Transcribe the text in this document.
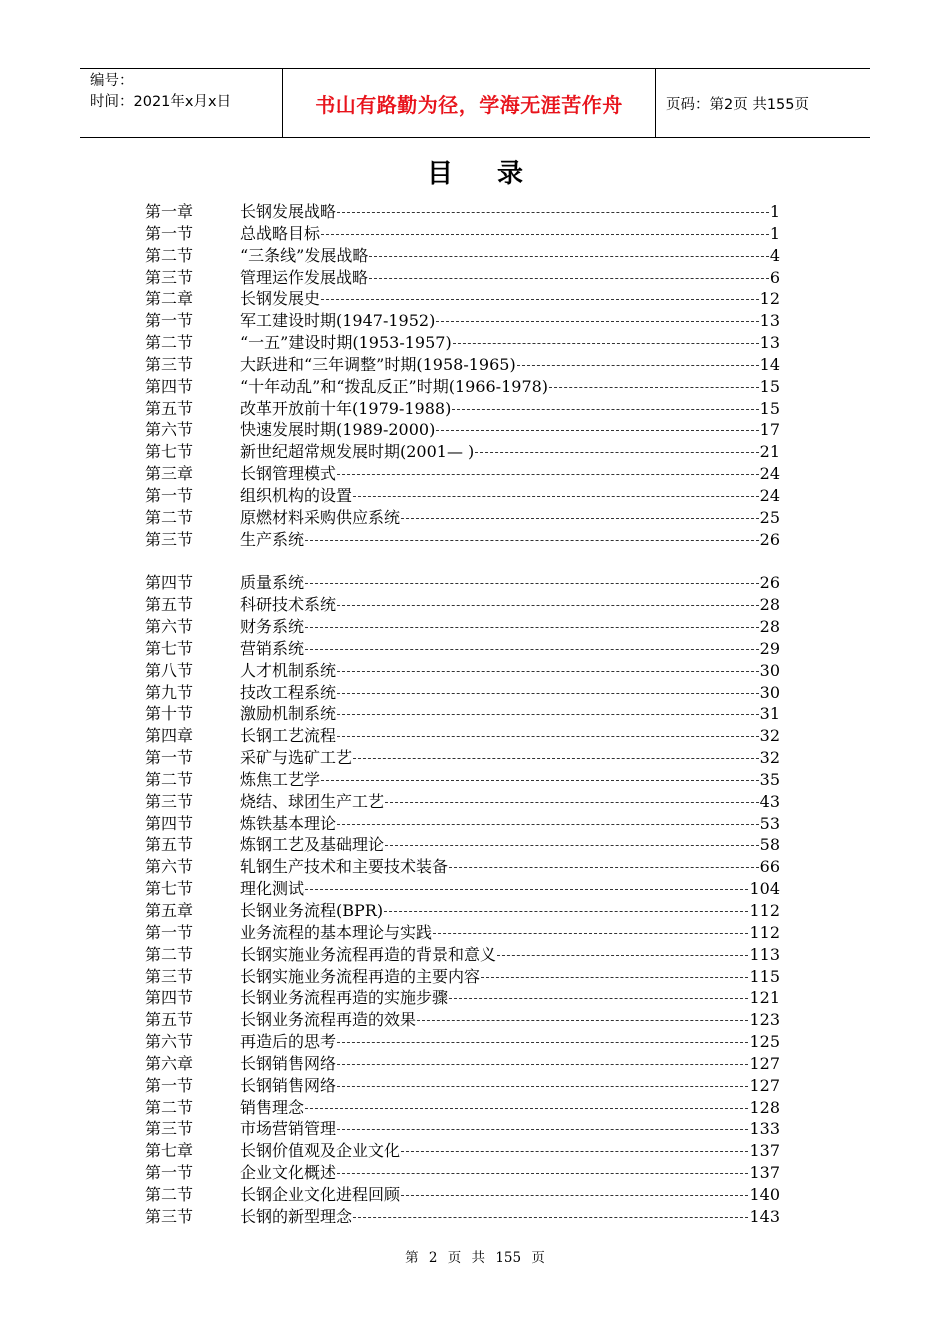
编号：
时间：2021年x月x日	书山有路勤为径，学海无涯苦作舟	页码：第2页 共155页
目录
第一章	长钢发展战略	1
第一节	总战略目标	1
第二节	“三条线”发展战略	4
第三节	管理运作发展战略	6
第二章	长钢发展史	12
第一节	军工建设时期(1947-1952)	13
第二节	“一五”建设时期(1953-1957)	13
第三节	大跃进和“三年调整”时期(1958-1965)	14
第四节	“十年动乱”和“拨乱反正”时期(1966-1978)	15
第五节	改革开放前十年(1979-1988)	15
第六节	快速发展时期(1989-2000)	17
第七节	新世纪超常规发展时期(2001— )	21
第三章	长钢管理模式	24
第一节	组织机构的设置	24
第二节	原燃材料采购供应系统	25
第三节	生产系统	26
第四节	质量系统	26
第五节	科研技术系统	28
第六节	财务系统	28
第七节	营销系统	29
第八节	人才机制系统	30
第九节	技改工程系统	30
第十节	激励机制系统	31
第四章	长钢工艺流程	32
第一节	采矿与选矿工艺	32
第二节	炼焦工艺学	35
第三节	烧结、球团生产工艺	43
第四节	炼铁基本理论	53
第五节	炼钢工艺及基础理论	58
第六节	轧钢生产技术和主要技术装备	66
第七节	理化测试	104
第五章	长钢业务流程(BPR)	112
第一节	业务流程的基本理论与实践	112
第二节	长钢实施业务流程再造的背景和意义	113
第三节	长钢实施业务流程再造的主要内容	115
第四节	长钢业务流程再造的实施步骤	121
第五节	长钢业务流程再造的效果	123
第六节	再造后的思考	125
第六章	长钢销售网络	127
第一节	长钢销售网络	127
第二节	销售理念	128
第三节	市场营销管理	133
第七章	长钢价值观及企业文化	137
第一节	企业文化概述	137
第二节	长钢企业文化进程回顾	140
第三节	长钢的新型理念	143
第 2 页 共 155 页
